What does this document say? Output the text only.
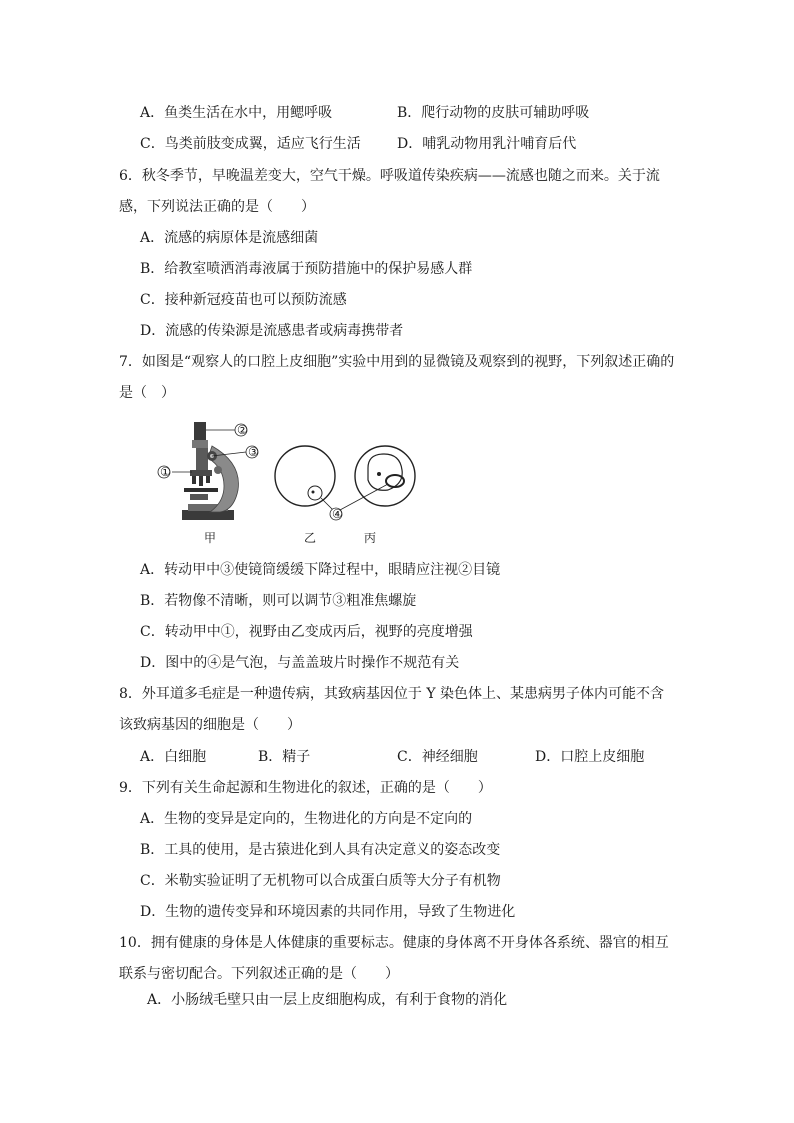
A．鱼类生活在水中，用鳃呼吸	B．爬行动物的皮肤可辅助呼吸
C．鸟类前肢变成翼，适应飞行生活	D．哺乳动物用乳汁哺育后代
6．秋冬季节，早晚温差变大，空气干燥。呼吸道传染疾病——流感也随之而来。关于流
感，下列说法正确的是（　　）
A．流感的病原体是流感细菌
B．给教室喷洒消毒液属于预防措施中的保护易感人群
C．接种新冠疫苗也可以预防流感
D．流感的传染源是流感患者或病毒携带者
7．如图是“观察人的口腔上皮细胞”实验中用到的显微镜及观察到的视野，下列叙述正确的
是（　）
②
③
①
④
甲	乙	丙
A．转动甲中③使镜筒缓缓下降过程中，眼睛应注视②目镜
B．若物像不清晰，则可以调节③粗准焦螺旋
C．转动甲中①，视野由乙变成丙后，视野的亮度增强
D．图中的④是气泡，与盖盖玻片时操作不规范有关
8．外耳道多毛症是一种遗传病，其致病基因位于 Y 染色体上、某患病男子体内可能不含
该致病基因的细胞是（　　）
A．白细胞	B．精子	C．神经细胞	D．口腔上皮细胞
9．下列有关生命起源和生物进化的叙述，正确的是（　　）
A．生物的变异是定向的，生物进化的方向是不定向的
B．工具的使用，是古猿进化到人具有决定意义的姿态改变
C．米勒实验证明了无机物可以合成蛋白质等大分子有机物
D．生物的遗传变异和环境因素的共同作用，导致了生物进化
10．拥有健康的身体是人体健康的重要标志。健康的身体离不开身体各系统、器官的相互
联系与密切配合。下列叙述正确的是（　　）
A．小肠绒毛壁只由一层上皮细胞构成，有利于食物的消化
